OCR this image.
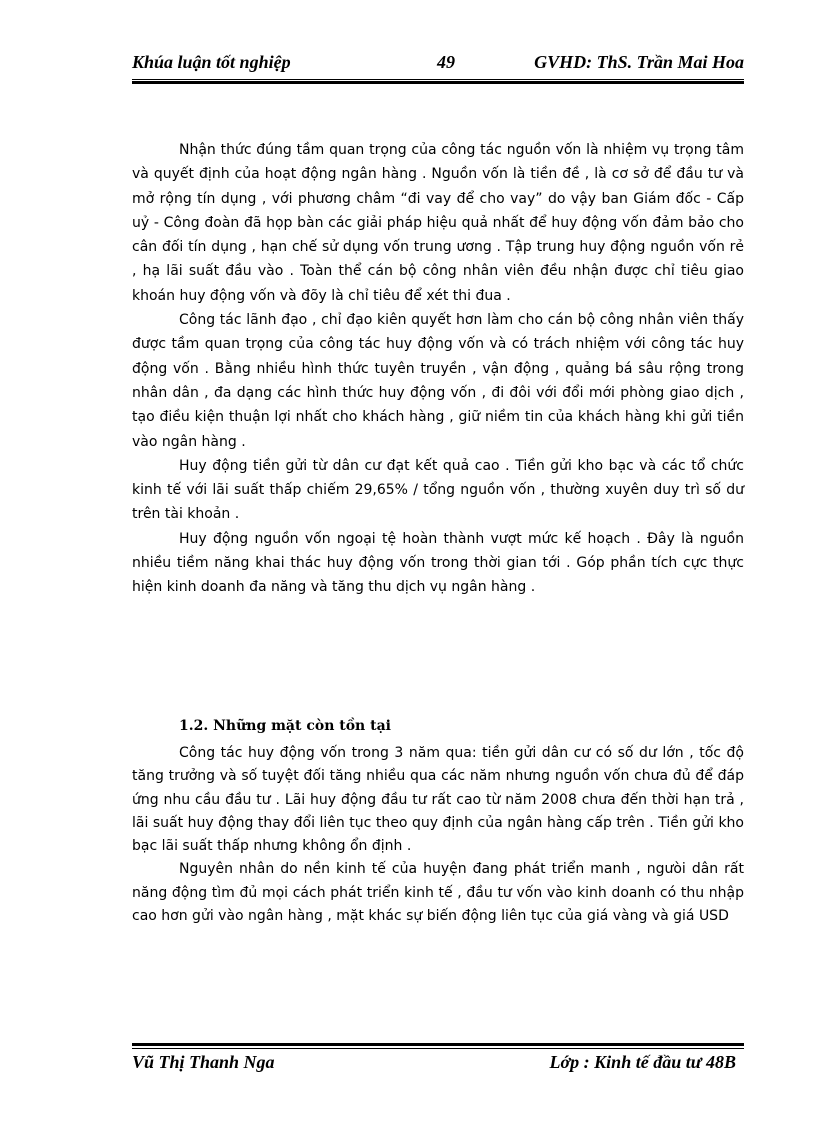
Khúa luận tốt nghiệp	49	GVHD: ThS. Trần Mai Hoa

Nhận thức đúng tầm quan trọng của công tác nguồn vốn là nhiệm vụ trọng tâm và quyết định của hoạt động ngân hàng . Nguồn vốn là tiền đề , là cơ sở để đầu tư và mở rộng tín dụng , với phương châm “đi vay để cho vay” do vậy ban Giám đốc - Cấp uỷ - Công đoàn đã họp bàn các giải pháp hiệu quả nhất để huy động vốn đảm bảo cho cân đối tín dụng , hạn chế sử dụng vốn trung ương . Tập trung huy động nguồn vốn rẻ , hạ lãi suất đầu vào . Toàn thể cán bộ công nhân viên đều nhận được chỉ tiêu giao khoán huy động vốn và đõy là chỉ tiêu để xét thi đua .

Công tác lãnh đạo , chỉ đạo kiên quyết hơn làm cho cán bộ công nhân viên thấy được tầm quan trọng của công tác huy động vốn và có trách nhiệm với công tác huy động vốn . Bằng nhiều hình thức tuyên truyền , vận động , quảng bá sâu rộng trong nhân dân , đa dạng các hình thức huy động vốn , đi đôi với đổi mới phòng giao dịch , tạo điều kiện thuận lợi nhất cho khách hàng , giữ niềm tin của khách hàng khi gửi tiền vào ngân hàng .

Huy động tiền gửi từ dân cư đạt kết quả cao . Tiền gửi kho bạc và các tổ chức kinh tế với lãi suất thấp chiếm 29,65% / tổng nguồn vốn , thường xuyên duy trì số dư trên tài khoản .

Huy động nguồn vốn ngoại tệ hoàn thành vượt mức kế hoạch . Đây là nguồn nhiều tiềm năng khai thác huy động vốn trong thời gian tới . Góp phần tích cực thực hiện kinh doanh đa năng và tăng thu dịch vụ ngân hàng .

1.2. Những mặt còn tồn tại

Công tác huy động vốn trong 3 năm qua: tiền gửi dân cư có số dư lớn , tốc độ tăng trưởng và số tuyệt đối tăng nhiều qua các năm nhưng nguồn vốn chưa đủ để đáp ứng nhu cầu đầu tư . Lãi huy động đầu tư rất cao từ năm 2008 chưa đến thời hạn trả , lãi suất huy động thay đổi liên tục theo quy định của ngân hàng cấp trên . Tiền gửi kho bạc lãi suất thấp nhưng không ổn định .

Nguyên nhân do nền kinh tế của huyện đang phát triển manh , ngưòi dân rất năng động tìm đủ mọi cách phát triển kinh tế , đầu tư vốn vào kinh doanh có thu nhập cao hơn gửi vào ngân hàng , mặt khác sự biến động liên tục của giá vàng và giá USD

Vũ Thị Thanh Nga	Lớp : Kinh tế đầu tư 48B
